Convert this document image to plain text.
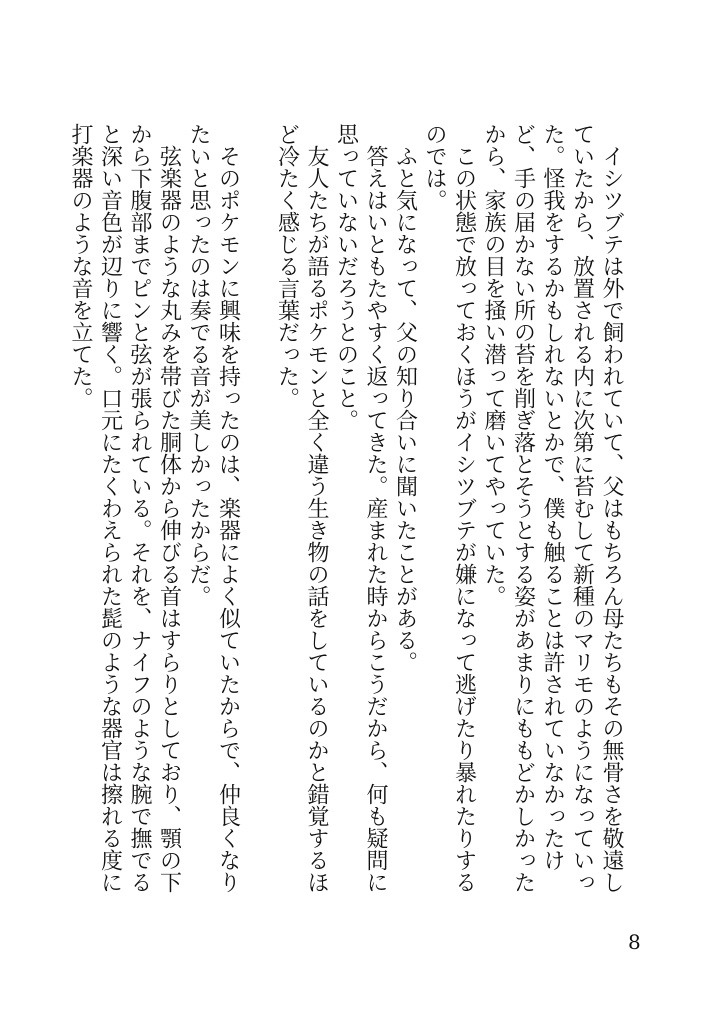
イシツブテは外で飼われていて、父はもちろん母たちもその無骨さを敬遠していたから、放置される内に次第に苔むして新種のマリモのようになっていった。怪我をするかもしれないとかで、僕も触ることは許されていなかったけど、手の届かない所の苔を削ぎ落とそうとする姿があまりにももどかしかったから、家族の目を掻い潜って磨いてやっていた。

この状態で放っておくほうがイシツブテが嫌になって逃げたり暴れたりするのでは。

ふと気になって、父の知り合いに聞いたことがある。

答えはいともたやすく返ってきた。産まれた時からこうだから、何も疑問に思っていないだろうとのこと。

友人たちが語るポケモンと全く違う生き物の話をしているのかと錯覚するほど冷たく感じる言葉だった。

そのポケモンに興味を持ったのは、楽器によく似ていたからで、仲良くなりたいと思ったのは奏でる音が美しかったからだ。

弦楽器のような丸みを帯びた胴体から伸びる首はすらりとしており、顎の下から下腹部までピンと弦が張られている。それを、ナイフのような腕で撫でると深い音色が辺りに響く。口元にたくわえられた髭のような器官は擦れる度に打楽器のような音を立てた。

8
